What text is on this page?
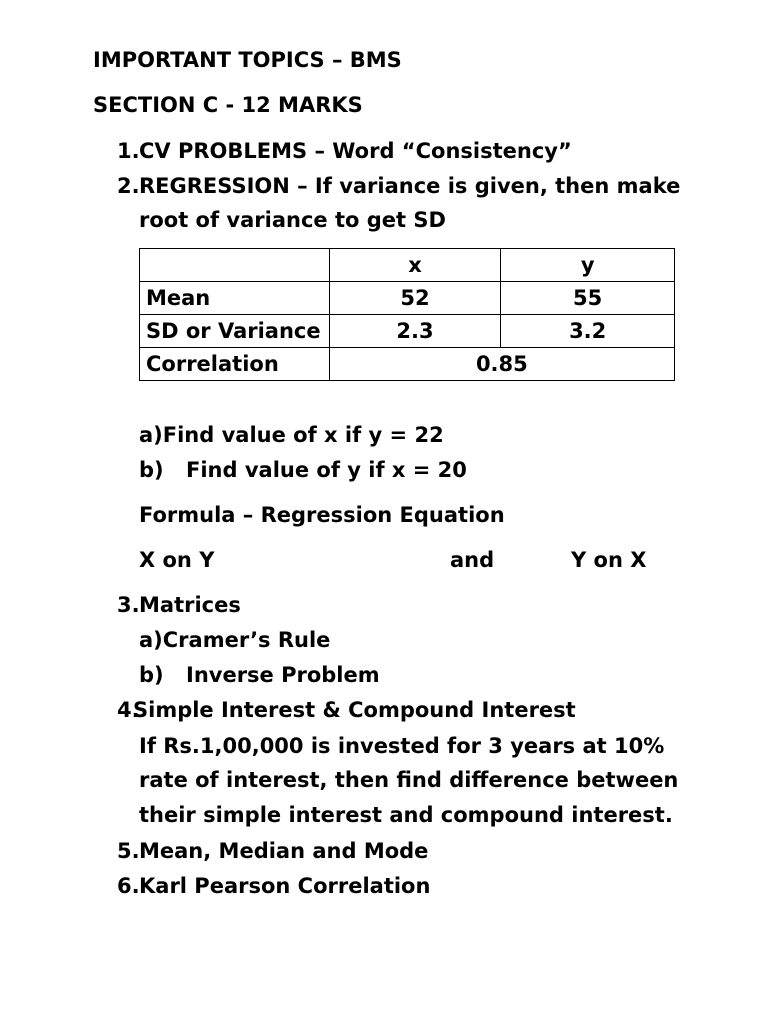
IMPORTANT TOPICS – BMS
SECTION C - 12 MARKS
1. CV PROBLEMS – Word “Consistency”
2. REGRESSION – If variance is given, then make
root of variance to get SD
	x	y
Mean	52	55
SD or Variance	2.3	3.2
Correlation	0.85	
a)Find value of x if y = 22
b) Find value of y if x = 20
Formula – Regression Equation
X on Y	and	Y on X
3. Matrices
a)Cramer’s Rule
b) Inverse Problem
4.
Simple Interest & Compound Interest
If Rs.1,00,000 is invested for 3 years at 10%
rate of interest, then find difference between
their simple interest and compound interest.
5. Mean, Median and Mode
6. Karl Pearson Correlation
